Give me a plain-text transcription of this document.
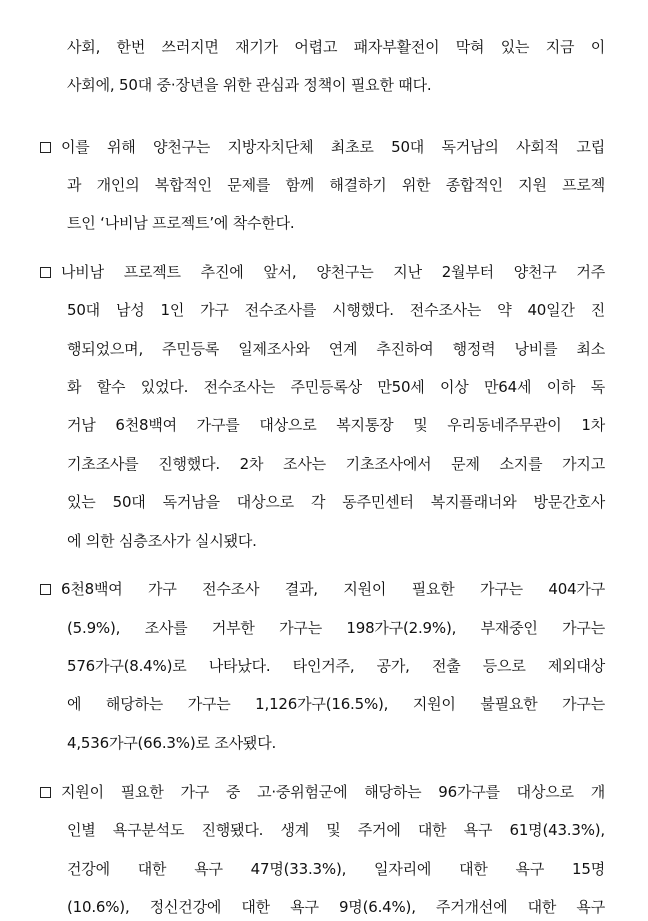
사회, 한번 쓰러지면 재기가 어렵고 패자부활전이 막혀 있는 지금 이
사회에, 50대 중·장년을 위한 관심과 정책이 필요한 때다.
이를 위해 양천구는 지방자치단체 최초로 50대 독거남의 사회적 고립
과 개인의 복합적인 문제를 함께 해결하기 위한 종합적인 지원 프로젝
트인 ‘나비남 프로젝트’에 착수한다.
나비남 프로젝트 추진에 앞서, 양천구는 지난 2월부터 양천구 거주
50대 남성 1인 가구 전수조사를 시행했다. 전수조사는 약 40일간 진
행되었으며, 주민등록 일제조사와 연계 추진하여 행정력 낭비를 최소
화 할수 있었다. 전수조사는 주민등록상 만50세 이상 만64세 이하 독
거남 6천8백여 가구를 대상으로 복지통장 및 우리동네주무관이 1차
기초조사를 진행했다. 2차 조사는 기초조사에서 문제 소지를 가지고
있는 50대 독거남을 대상으로 각 동주민센터 복지플래너와 방문간호사
에 의한 심층조사가 실시됐다.
6천8백여 가구 전수조사 결과, 지원이 필요한 가구는 404가구
(5.9%), 조사를 거부한 가구는 198가구(2.9%), 부재중인 가구는
576가구(8.4%)로 나타났다. 타인거주, 공가, 전출 등으로 제외대상
에 해당하는 가구는 1,126가구(16.5%), 지원이 불필요한 가구는
4,536가구(66.3%)로 조사됐다.
지원이 필요한 가구 중 고·중위험군에 해당하는 96가구를 대상으로 개
인별 욕구분석도 진행됐다. 생계 및 주거에 대한 욕구 61명(43.3%),
건강에 대한 욕구 47명(33.3%), 일자리에 대한 욕구 15명
(10.6%), 정신건강에 대한 욕구 9명(6.4%), 주거개선에 대한 욕구
